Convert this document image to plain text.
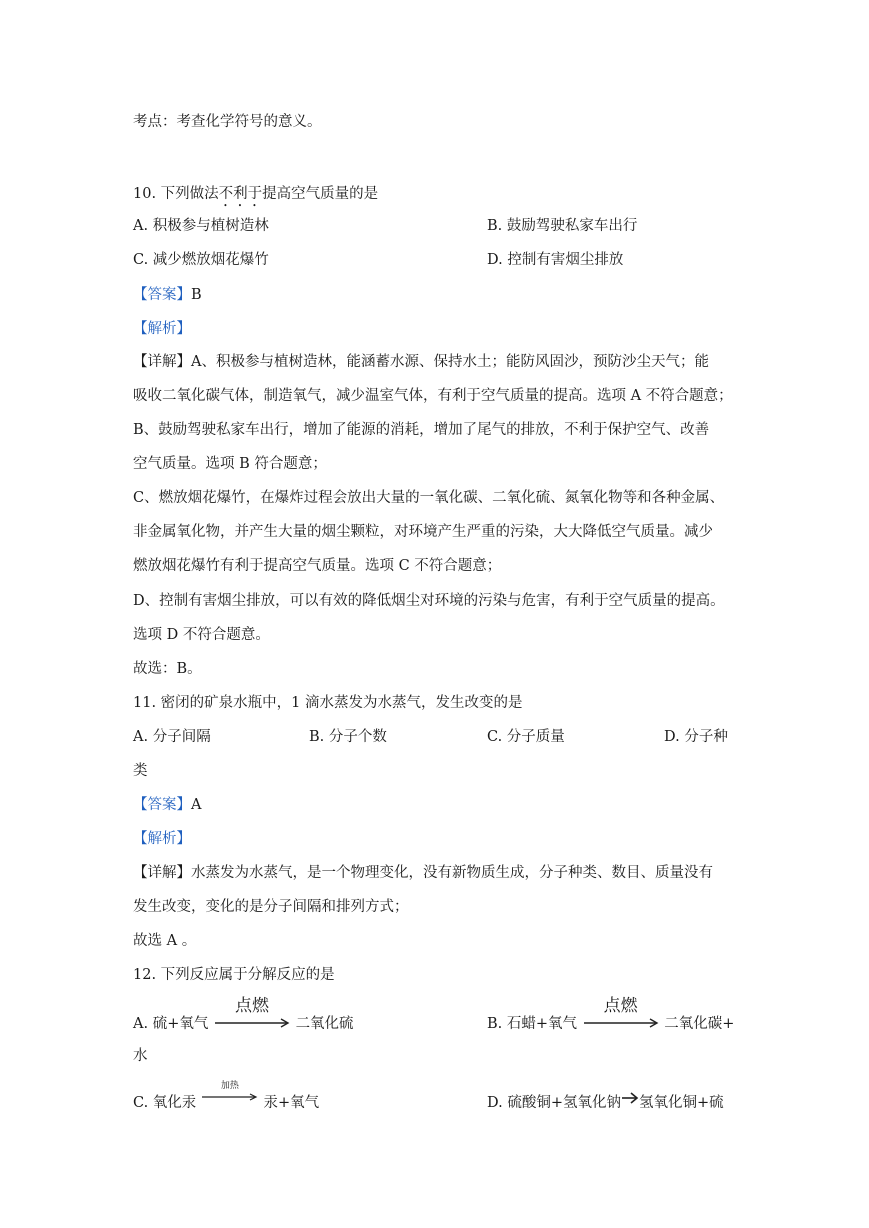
考点：考查化学符号的意义。
10. 下列做法不利于提高空气质量的是
A. 积极参与植树造林	B. 鼓励驾驶私家车出行
C. 减少燃放烟花爆竹	D. 控制有害烟尘排放
【答案】B
【解析】
【详解】A、积极参与植树造林，能涵蓄水源、保持水土；能防风固沙，预防沙尘天气；能
吸收二氧化碳气体，制造氧气，减少温室气体，有利于空气质量的提高。选项 A 不符合题意；
B、鼓励驾驶私家车出行，增加了能源的消耗，增加了尾气的排放，不利于保护空气、改善
空气质量。选项 B 符合题意；
C、燃放烟花爆竹，在爆炸过程会放出大量的一氧化碳、二氧化硫、氮氧化物等和各种金属、
非金属氧化物，并产生大量的烟尘颗粒，对环境产生严重的污染，大大降低空气质量。减少
燃放烟花爆竹有利于提高空气质量。选项 C 不符合题意；
D、控制有害烟尘排放，可以有效的降低烟尘对环境的污染与危害，有利于空气质量的提高。
选项 D 不符合题意。
故选：B。
11. 密闭的矿泉水瓶中，1 滴水蒸发为水蒸气，发生改变的是
A. 分子间隔	B. 分子个数	C. 分子质量	D. 分子种
类
【答案】A
【解析】
【详解】水蒸发为水蒸气，是一个物理变化，没有新物质生成，分子种类、数目、质量没有
发生改变，变化的是分子间隔和排列方式；
故选 A 。
12. 下列反应属于分解反应的是
A. 硫+氧气
点燃
二氧化硫	B. 石蜡+氧气
点燃
二氧化碳+
水
C. 氧化汞
加热
汞+氧气	D. 硫酸铜+氢氧化钠→氢氧化铜+硫
